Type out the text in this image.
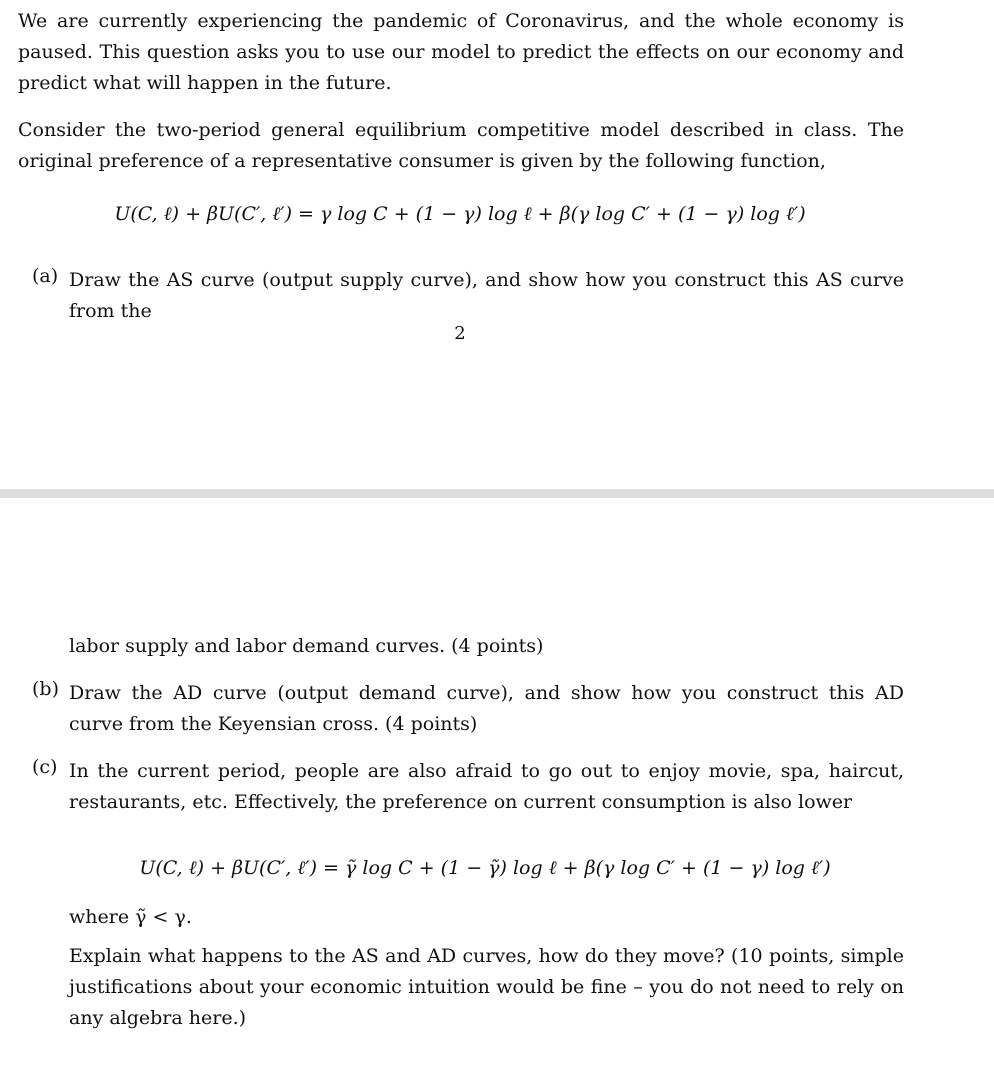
We are currently experiencing the pandemic of Coronavirus, and the whole economy is paused. This question asks you to use our model to predict the effects on our economy and predict what will happen in the future.
Consider the two-period general equilibrium competitive model described in class. The original preference of a representative consumer is given by the following function,
U(C, ℓ) + βU(C′, ℓ′) = γ log C + (1 − γ) log ℓ + β(γ log C′ + (1 − γ) log ℓ′)
(a) Draw the AS curve (output supply curve), and show how you construct this AS curve from the
2
labor supply and labor demand curves. (4 points)
(b) Draw the AD curve (output demand curve), and show how you construct this AD curve from the Keyensian cross. (4 points)
(c) In the current period, people are also afraid to go out to enjoy movie, spa, haircut, restaurants, etc. Effectively, the preference on current consumption is also lower
U(C, ℓ) + βU(C′, ℓ′) = γ̃ log C + (1 − γ̃) log ℓ + β(γ log C′ + (1 − γ) log ℓ′)
where γ̃ < γ.
Explain what happens to the AS and AD curves, how do they move? (10 points, simple justifications about your economic intuition would be fine – you do not need to rely on any algebra here.)
